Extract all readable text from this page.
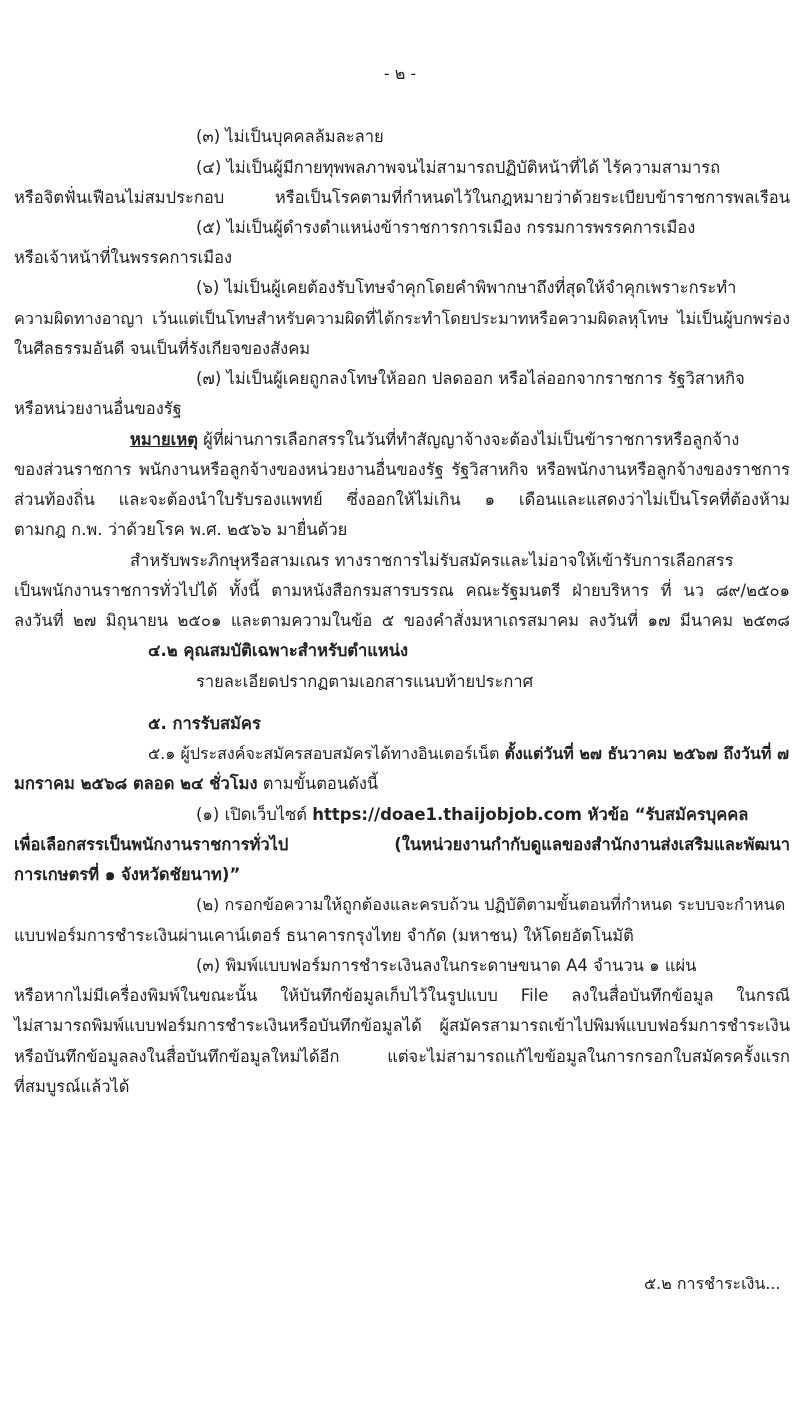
- ๒ -
(๓) ไม่เป็นบุคคลล้มละลาย
(๔) ไม่เป็นผู้มีกายทุพพลภาพจนไม่สามารถปฏิบัติหน้าที่ได้ ไร้ความสามารถ
หรือจิตฟั่นเฟือนไม่สมประกอบ หรือเป็นโรคตามที่กำหนดไว้ในกฎหมายว่าด้วยระเบียบข้าราชการพลเรือน
(๕) ไม่เป็นผู้ดำรงตำแหน่งข้าราชการการเมือง กรรมการพรรคการเมือง
หรือเจ้าหน้าที่ในพรรคการเมือง
(๖) ไม่เป็นผู้เคยต้องรับโทษจำคุกโดยคำพิพากษาถึงที่สุดให้จำคุกเพราะกระทำ
ความผิดทางอาญา เว้นแต่เป็นโทษสำหรับความผิดที่ได้กระทำโดยประมาทหรือความผิดลหุโทษ ไม่เป็นผู้บกพร่อง
ในศีลธรรมอันดี จนเป็นที่รังเกียจของสังคม
(๗) ไม่เป็นผู้เคยถูกลงโทษให้ออก ปลดออก หรือไล่ออกจากราชการ รัฐวิสาหกิจ
หรือหน่วยงานอื่นของรัฐ
หมายเหตุ ผู้ที่ผ่านการเลือกสรรในวันที่ทำสัญญาจ้างจะต้องไม่เป็นข้าราชการหรือลูกจ้าง
ของส่วนราชการ พนักงานหรือลูกจ้างของหน่วยงานอื่นของรัฐ รัฐวิสาหกิจ หรือพนักงานหรือลูกจ้างของราชการ
ส่วนท้องถิ่น และจะต้องนำใบรับรองแพทย์ ซึ่งออกให้ไม่เกิน ๑ เดือนและแสดงว่าไม่เป็นโรคที่ต้องห้าม
ตามกฎ ก.พ. ว่าด้วยโรค พ.ศ. ๒๕๖๖ มายื่นด้วย
สำหรับพระภิกษุหรือสามเณร ทางราชการไม่รับสมัครและไม่อาจให้เข้ารับการเลือกสรร
เป็นพนักงานราชการทั่วไปได้ ทั้งนี้ ตามหนังสือกรมสารบรรณ คณะรัฐมนตรี ฝ่ายบริหาร ที่ นว ๘๙/๒๕๐๑
ลงวันที่ ๒๗ มิถุนายน ๒๕๐๑ และตามความในข้อ ๕ ของคำสั่งมหาเถรสมาคม ลงวันที่ ๑๗ มีนาคม ๒๕๓๘
๔.๒ คุณสมบัติเฉพาะสำหรับตำแหน่ง
รายละเอียดปรากฏตามเอกสารแนบท้ายประกาศ
๕. การรับสมัคร
๕.๑ ผู้ประสงค์จะสมัครสอบสมัครได้ทางอินเตอร์เน็ต ตั้งแต่วันที่ ๒๗ ธันวาคม ๒๕๖๗ ถึงวันที่ ๗
มกราคม ๒๕๖๘ ตลอด ๒๔ ชั่วโมง ตามขั้นตอนดังนี้
(๑) เปิดเว็บไซต์ https://doae1.thaijobjob.com หัวข้อ “รับสมัครบุคคล
เพื่อเลือกสรรเป็นพนักงานราชการทั่วไป (ในหน่วยงานกำกับดูแลของสำนักงานส่งเสริมและพัฒนา
การเกษตรที่ ๑ จังหวัดชัยนาท)”
(๒) กรอกข้อความให้ถูกต้องและครบถ้วน ปฏิบัติตามขั้นตอนที่กำหนด ระบบจะกำหนด
แบบฟอร์มการชำระเงินผ่านเคาน์เตอร์ ธนาคารกรุงไทย จำกัด (มหาชน) ให้โดยอัตโนมัติ
(๓) พิมพ์แบบฟอร์มการชำระเงินลงในกระดาษขนาด A4 จำนวน ๑ แผ่น
หรือหากไม่มีเครื่องพิมพ์ในขณะนั้น ให้บันทึกข้อมูลเก็บไว้ในรูปแบบ File ลงในสื่อบันทึกข้อมูล ในกรณี
ไม่สามารถพิมพ์แบบฟอร์มการชำระเงินหรือบันทึกข้อมูลได้ ผู้สมัครสามารถเข้าไปพิมพ์แบบฟอร์มการชำระเงิน
หรือบันทึกข้อมูลลงในสื่อบันทึกข้อมูลใหม่ได้อีก แต่จะไม่สามารถแก้ไขข้อมูลในการกรอกใบสมัครครั้งแรก
ที่สมบูรณ์แล้วได้
๕.๒ การชำระเงิน...
